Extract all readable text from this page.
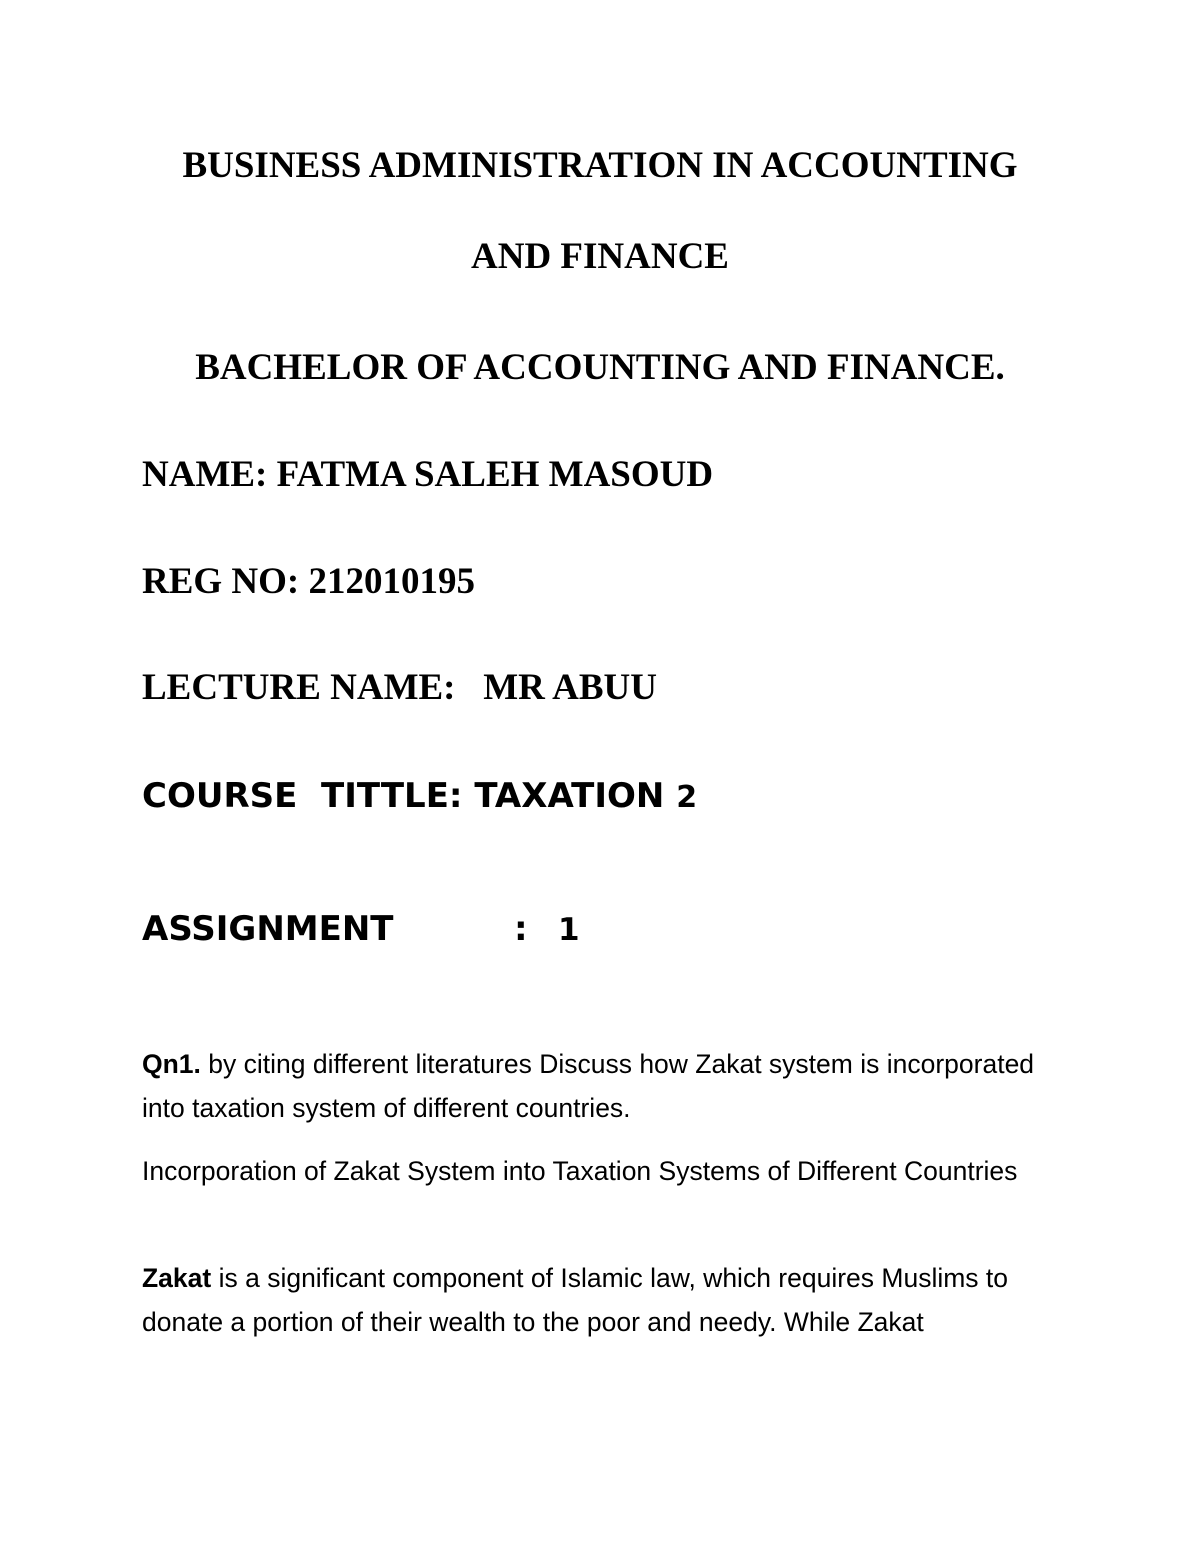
BUSINESS ADMINISTRATION IN ACCOUNTING
AND FINANCE
BACHELOR OF ACCOUNTING AND FINANCE.
NAME: FATMA SALEH MASOUD
REG NO: 212010195
LECTURE NAME: MR ABUU
COURSE  TITTLE: TAXATION 2
ASSIGNMENT	: 1
Qn1. by citing different literatures Discuss how Zakat system is incorporated into taxation system of different countries.
Incorporation of Zakat System into Taxation Systems of Different Countries
Zakat is a significant component of Islamic law, which requires Muslims to donate a portion of their wealth to the poor and needy. While Zakat
